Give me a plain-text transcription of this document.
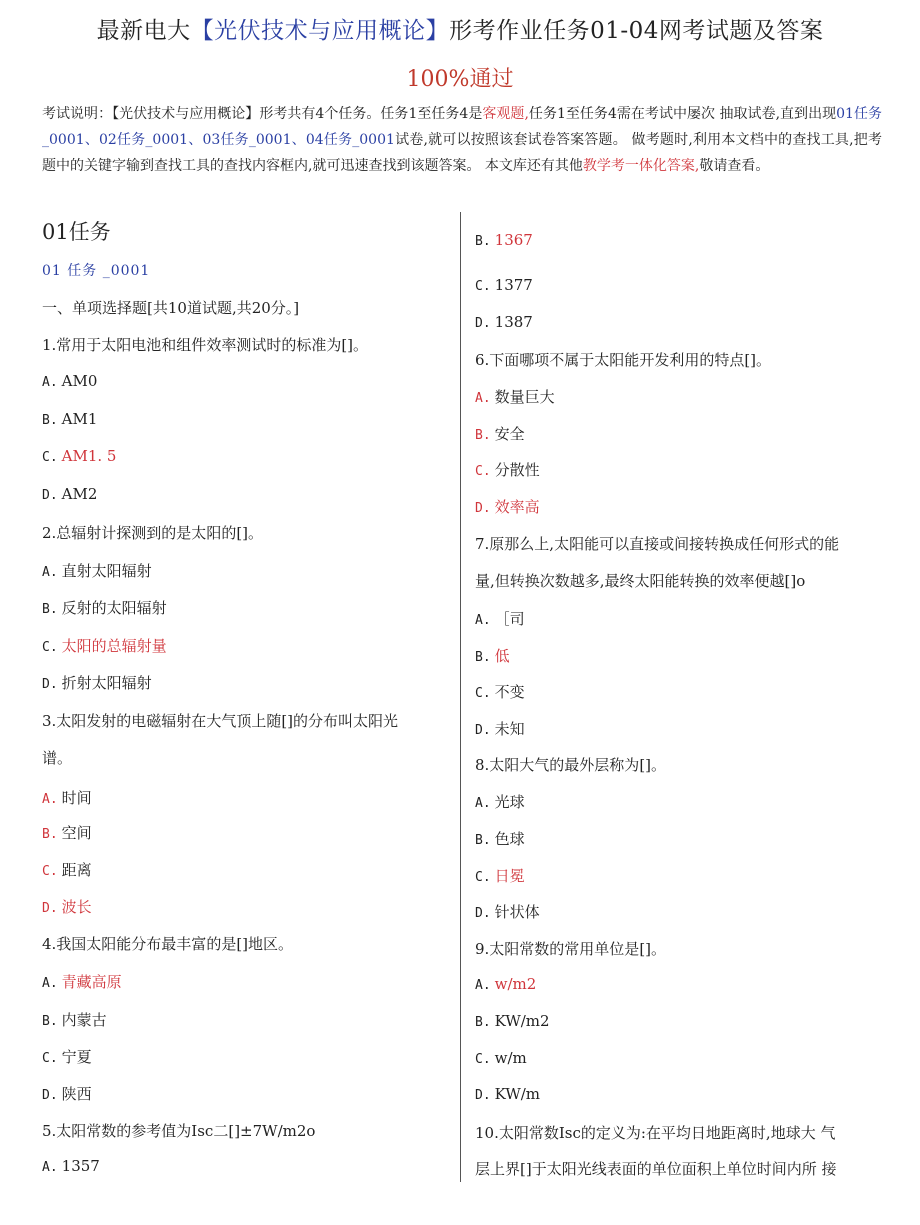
最新电大【光伏技术与应用概论】形考作业任务01-04网考试题及答案
100%通过
考试说明：【光伏技术与应用概论】形考共有4个任务。任务1至任务4是客观题,任务1至任务4需在考试中屡次 抽取试卷,直到出现01任务_0001、02任务_0001、03任务_0001、04任务_0001试卷,就可以按照该套试卷答案答题。 做考题时,利用本文档中的查找工具,把考题中的关键字输到查找工具的查找内容框内,就可迅速查找到该题答案。 本文库还有其他教学考一体化答案,敬请查看。
01任务
01 任务 _0001
一、单项选择题[共10道试题,共20分。]
1.常用于太阳电池和组件效率测试时的标准为[]。
A. AM0
B. AM1
C. AM1. 5
D. AM2
2.总辐射计探测到的是太阳的[]。
A. 直射太阳辐射
B. 反射的太阳辐射
C. 太阳的总辐射量
D. 折射太阳辐射
3.太阳发射的电磁辐射在大气顶上随[]的分布叫太阳光
谱。
A. 时间
B. 空间
C. 距离
D. 波长
4.我国太阳能分布最丰富的是[]地区。
A. 青藏高原
B. 内蒙古
C. 宁夏
D. 陕西
5.太阳常数的参考值为Isc二[]±7W/m2o
A. 1357
B. 1367
C. 1377
D. 1387
6.下面哪项不属于太阳能开发利用的特点[]。
A. 数量巨大
B. 安全
C. 分散性
D. 效率高
7.原那么上,太阳能可以直接或间接转换成任何形式的能
量,但转换次数越多,最终太阳能转换的效率便越[]o
A. ［司
B. 低
C. 不变
D. 未知
8.太阳大气的最外层称为[]。
A. 光球
B. 色球
C. 日冕
D. 针状体
9.太阳常数的常用单位是[]。
A. w/m2
B. KW/m2
C. w/m
D. KW/m
10.太阳常数Isc的定义为:在平均日地距离时,地球大 气
层上界[]于太阳光线表面的单位面积上单位时间内所 接
